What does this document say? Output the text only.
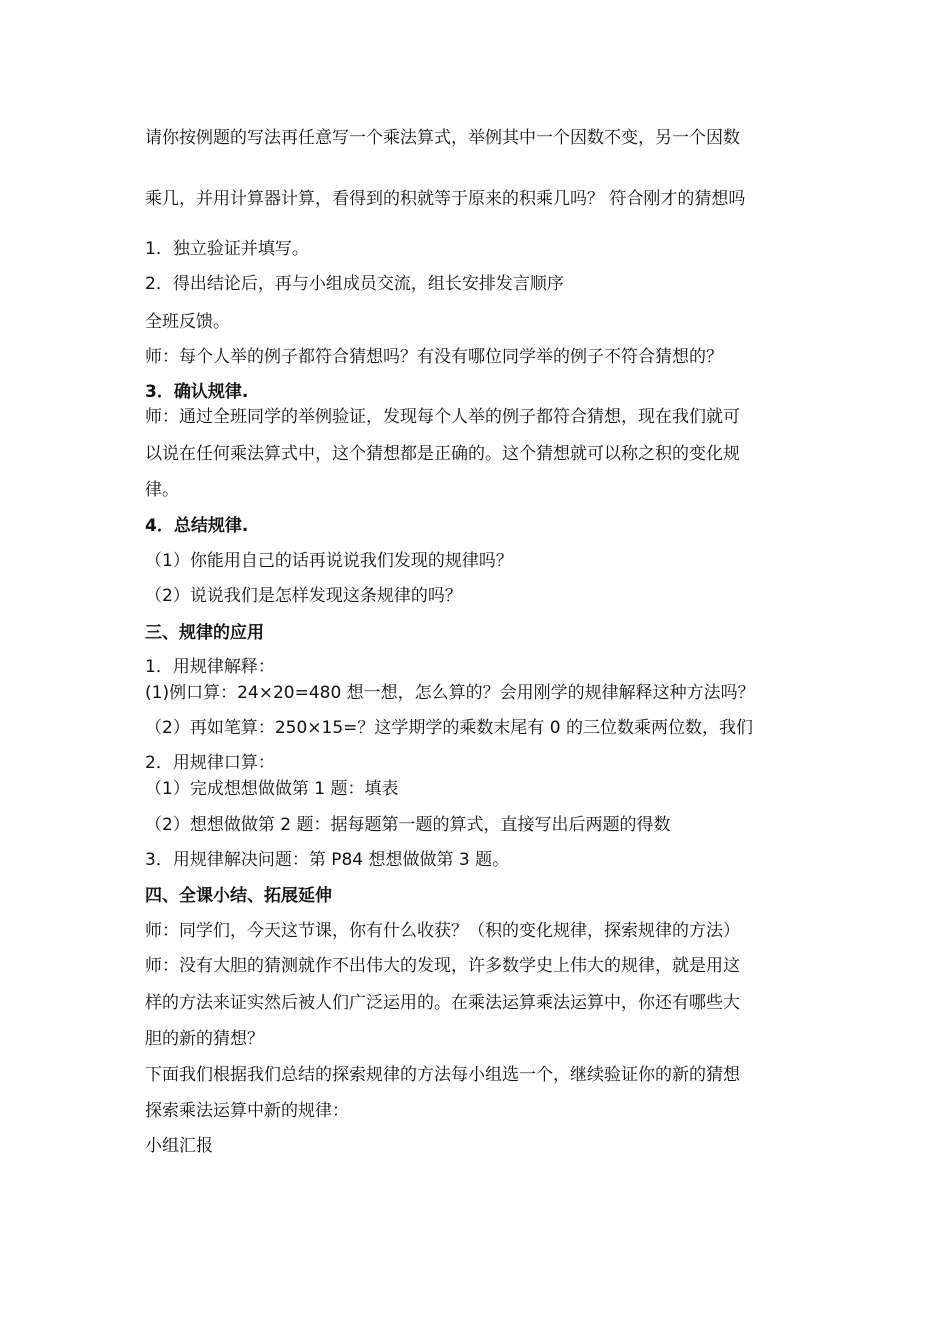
请你按例题的写法再任意写一个乘法算式，举例其中一个因数不变，另一个因数
乘几，并用计算器计算，看得到的积就等于原来的积乘几吗？ 符合刚才的猜想吗
1．独立验证并填写。
2．得出结论后，再与小组成员交流，组长安排发言顺序
全班反馈。
师：每个人举的例子都符合猜想吗？有没有哪位同学举的例子不符合猜想的？
3．确认规律.
师：通过全班同学的举例验证，发现每个人举的例子都符合猜想，现在我们就可
以说在任何乘法算式中，这个猜想都是正确的。这个猜想就可以称之积的变化规
律。
4．总结规律.
（1）你能用自己的话再说说我们发现的规律吗？
（2）说说我们是怎样发现这条规律的吗？
三、规律的应用
1．用规律解释：
(1)例口算：24×20=480 想一想，怎么算的？会用刚学的规律解释这种方法吗？
（2）再如笔算：250×15=？这学期学的乘数末尾有 0 的三位数乘两位数，我们
2．用规律口算：
（1）完成想想做做第 1 题：填表
（2）想想做做第 2 题：据每题第一题的算式，直接写出后两题的得数
3．用规律解决问题：第 P84 想想做做第 3 题。
四、全课小结、拓展延伸
师：同学们，今天这节课，你有什么收获？（积的变化规律，探索规律的方法）
师：没有大胆的猜测就作不出伟大的发现，许多数学史上伟大的规律，就是用这
样的方法来证实然后被人们广泛运用的。在乘法运算乘法运算中，你还有哪些大
胆的新的猜想？
下面我们根据我们总结的探索规律的方法每小组选一个，继续验证你的新的猜想
探索乘法运算中新的规律：
小组汇报
